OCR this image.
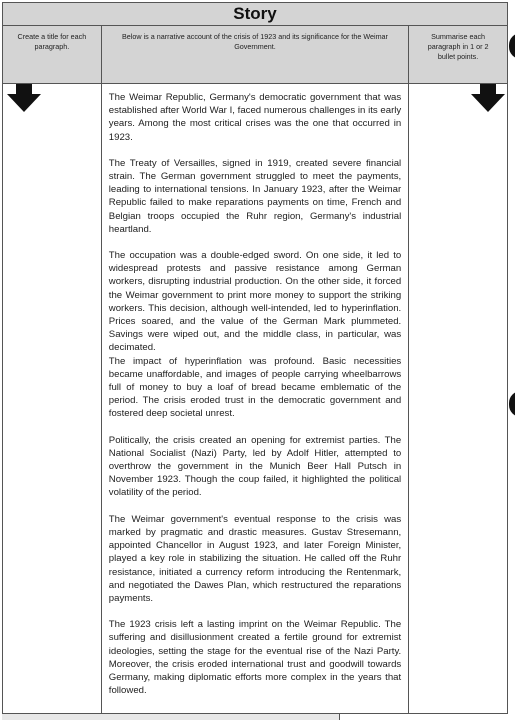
Story
Create a title for each paragraph.
Below is a narrative account of the crisis of 1923 and its significance for the Weimar Government.
Summarise each paragraph in 1 or 2 bullet points.

The Weimar Republic, Germany's democratic government that was established after World War I, faced numerous challenges in its early years. Among the most critical crises was the one that occurred in 1923.

The Treaty of Versailles, signed in 1919, created severe financial strain. The German government struggled to meet the payments, leading to international tensions. In January 1923, after the Weimar Republic failed to make reparations payments on time, French and Belgian troops occupied the Ruhr region, Germany's industrial heartland.

The occupation was a double-edged sword. On one side, it led to widespread protests and passive resistance among German workers, disrupting industrial production. On the other side, it forced the Weimar government to print more money to support the striking workers. This decision, although well-intended, led to hyperinflation. Prices soared, and the value of the German Mark plummeted. Savings were wiped out, and the middle class, in particular, was decimated.

The impact of hyperinflation was profound. Basic necessities became unaffordable, and images of people carrying wheelbarrows full of money to buy a loaf of bread became emblematic of the period. The crisis eroded trust in the democratic government and fostered deep societal unrest.

Politically, the crisis created an opening for extremist parties. The National Socialist (Nazi) Party, led by Adolf Hitler, attempted to overthrow the government in the Munich Beer Hall Putsch in November 1923. Though the coup failed, it highlighted the political volatility of the period.

The Weimar government's eventual response to the crisis was marked by pragmatic and drastic measures. Gustav Stresemann, appointed Chancellor in August 1923, and later Foreign Minister, played a key role in stabilizing the situation. He called off the Ruhr resistance, initiated a currency reform introducing the Rentenmark, and negotiated the Dawes Plan, which restructured the reparations payments.

The 1923 crisis left a lasting imprint on the Weimar Republic. The suffering and disillusionment created a fertile ground for extremist ideologies, setting the stage for the eventual rise of the Nazi Party. Moreover, the crisis eroded international trust and goodwill towards Germany, making diplomatic efforts more complex in the years that followed.
